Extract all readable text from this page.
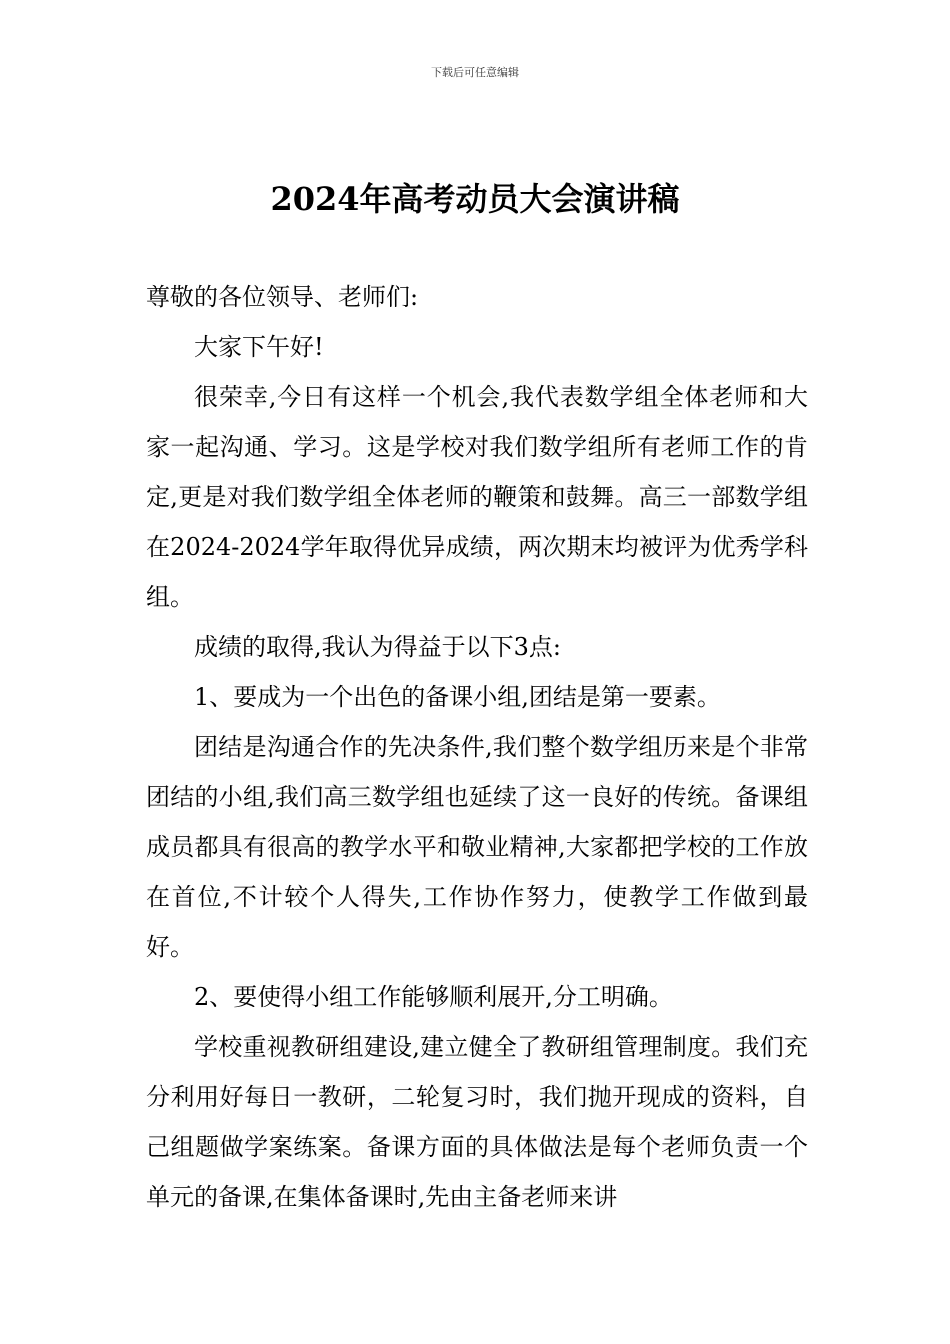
下载后可任意编辑
2024年高考动员大会演讲稿

尊敬的各位领导、老师们:

大家下午好!

很荣幸,今日有这样一个机会,我代表数学组全体老师和大家一起沟通、学习。这是学校对我们数学组所有老师工作的肯定,更是对我们数学组全体老师的鞭策和鼓舞。高三一部数学组在2024-2024学年取得优异成绩，两次期末均被评为优秀学科组。

成绩的取得,我认为得益于以下3点:

1、要成为一个出色的备课小组,团结是第一要素。

团结是沟通合作的先决条件,我们整个数学组历来是个非常团结的小组,我们高三数学组也延续了这一良好的传统。备课组成员都具有很高的教学水平和敬业精神,大家都把学校的工作放在首位,不计较个人得失,工作协作努力，使教学工作做到最好。

2、要使得小组工作能够顺利展开,分工明确。

学校重视教研组建设,建立健全了教研组管理制度。我们充分利用好每日一教研，二轮复习时，我们抛开现成的资料，自己组题做学案练案。备课方面的具体做法是每个老师负责一个单元的备课,在集体备课时,先由主备老师来讲
